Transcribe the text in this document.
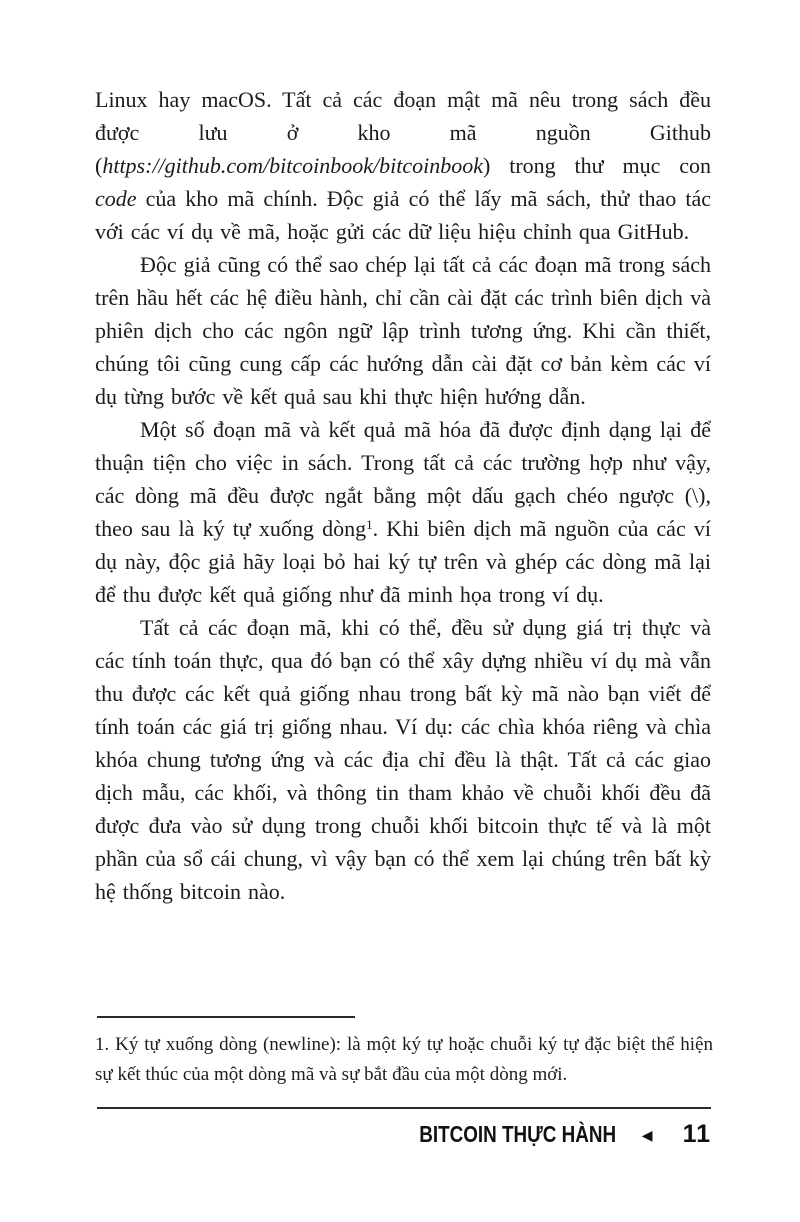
Linux hay macOS. Tất cả các đoạn mật mã nêu trong sách đều được lưu ở kho mã nguồn Github (https://github.com/bitcoinbook/bitcoinbook) trong thư mục con code của kho mã chính. Độc giả có thể lấy mã sách, thử thao tác với các ví dụ về mã, hoặc gửi các dữ liệu hiệu chỉnh qua GitHub.

Độc giả cũng có thể sao chép lại tất cả các đoạn mã trong sách trên hầu hết các hệ điều hành, chỉ cần cài đặt các trình biên dịch và phiên dịch cho các ngôn ngữ lập trình tương ứng. Khi cần thiết, chúng tôi cũng cung cấp các hướng dẫn cài đặt cơ bản kèm các ví dụ từng bước về kết quả sau khi thực hiện hướng dẫn.

Một số đoạn mã và kết quả mã hóa đã được định dạng lại để thuận tiện cho việc in sách. Trong tất cả các trường hợp như vậy, các dòng mã đều được ngắt bằng một dấu gạch chéo ngược (\), theo sau là ký tự xuống dòng$^1$. Khi biên dịch mã nguồn của các ví dụ này, độc giả hãy loại bỏ hai ký tự trên và ghép các dòng mã lại để thu được kết quả giống như đã minh họa trong ví dụ.

Tất cả các đoạn mã, khi có thể, đều sử dụng giá trị thực và các tính toán thực, qua đó bạn có thể xây dựng nhiều ví dụ mà vẫn thu được các kết quả giống nhau trong bất kỳ mã nào bạn viết để tính toán các giá trị giống nhau. Ví dụ: các chìa khóa riêng và chìa khóa chung tương ứng và các địa chỉ đều là thật. Tất cả các giao dịch mẫu, các khối, và thông tin tham khảo về chuỗi khối đều đã được đưa vào sử dụng trong chuỗi khối bitcoin thực tế và là một phần của sổ cái chung, vì vậy bạn có thể xem lại chúng trên bất kỳ hệ thống bitcoin nào.

1. Ký tự xuống dòng (newline): là một ký tự hoặc chuỗi ký tự đặc biệt thể hiện sự kết thúc của một dòng mã và sự bắt đầu của một dòng mới.
BITCOIN THỰC HÀNH ◀ 11
